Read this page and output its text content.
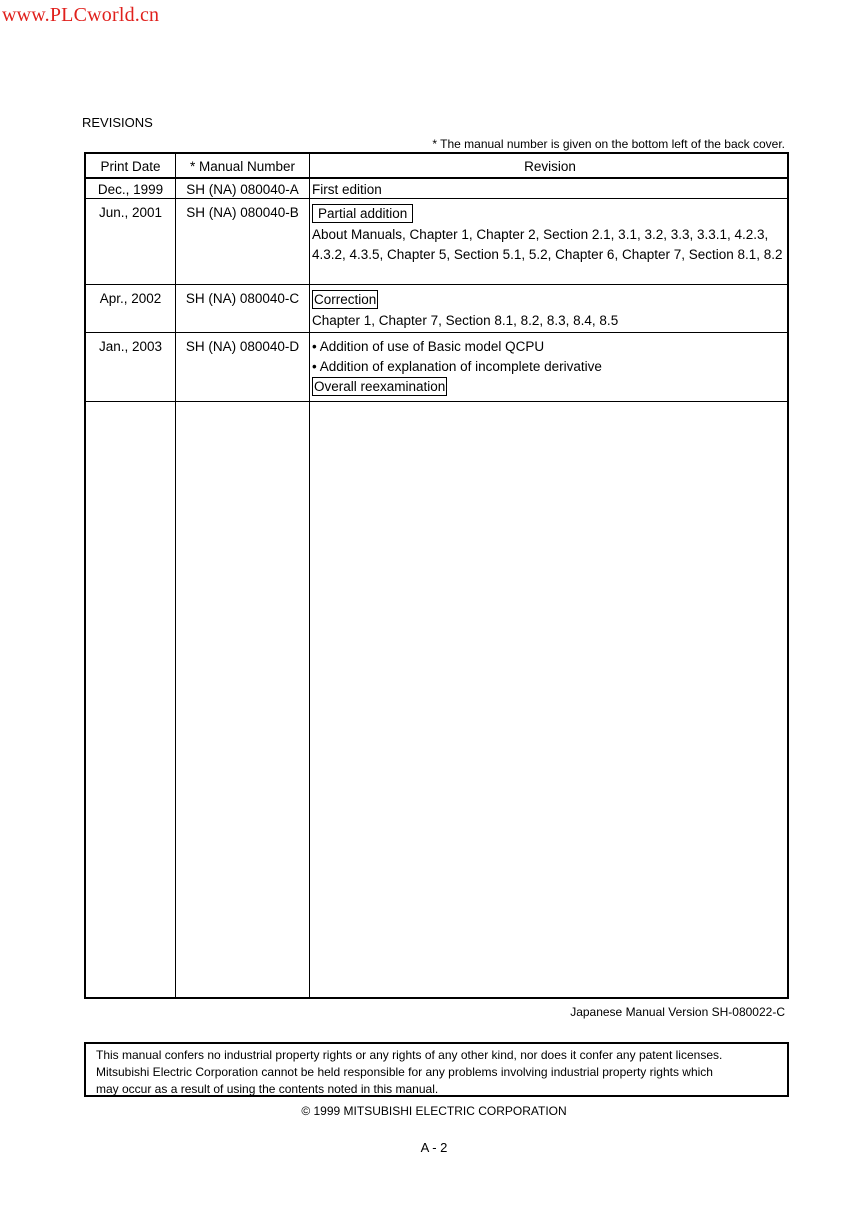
www.PLCworld.cn
REVISIONS
* The manual number is given on the bottom left of the back cover.
Print Date	* Manual Number	Revision
Dec., 1999	SH (NA) 080040-A First edition
Jun., 2001	SH (NA) 080040-B	Partial addition
About Manuals, Chapter 1, Chapter 2, Section 2.1, 3.1, 3.2, 3.3, 3.3.1, 4.2.3, 4.3.2, 4.3.5, Chapter 5, Section 5.1, 5.2, Chapter 6, Chapter 7, Section 8.1, 8.2
Apr., 2002	SH (NA) 080040-C	Correction
Chapter 1, Chapter 7, Section 8.1, 8.2, 8.3, 8.4, 8.5
Jan., 2003	SH (NA) 080040-D • Addition of use of Basic model QCPU
• Addition of explanation of incomplete derivative
Overall reexamination
Japanese Manual Version SH-080022-C
This manual confers no industrial property rights or any rights of any other kind, nor does it confer any patent licenses.
Mitsubishi Electric Corporation cannot be held responsible for any problems involving industrial property rights which
may occur as a result of using the contents noted in this manual.
© 1999 MITSUBISHI ELECTRIC CORPORATION
A - 2
